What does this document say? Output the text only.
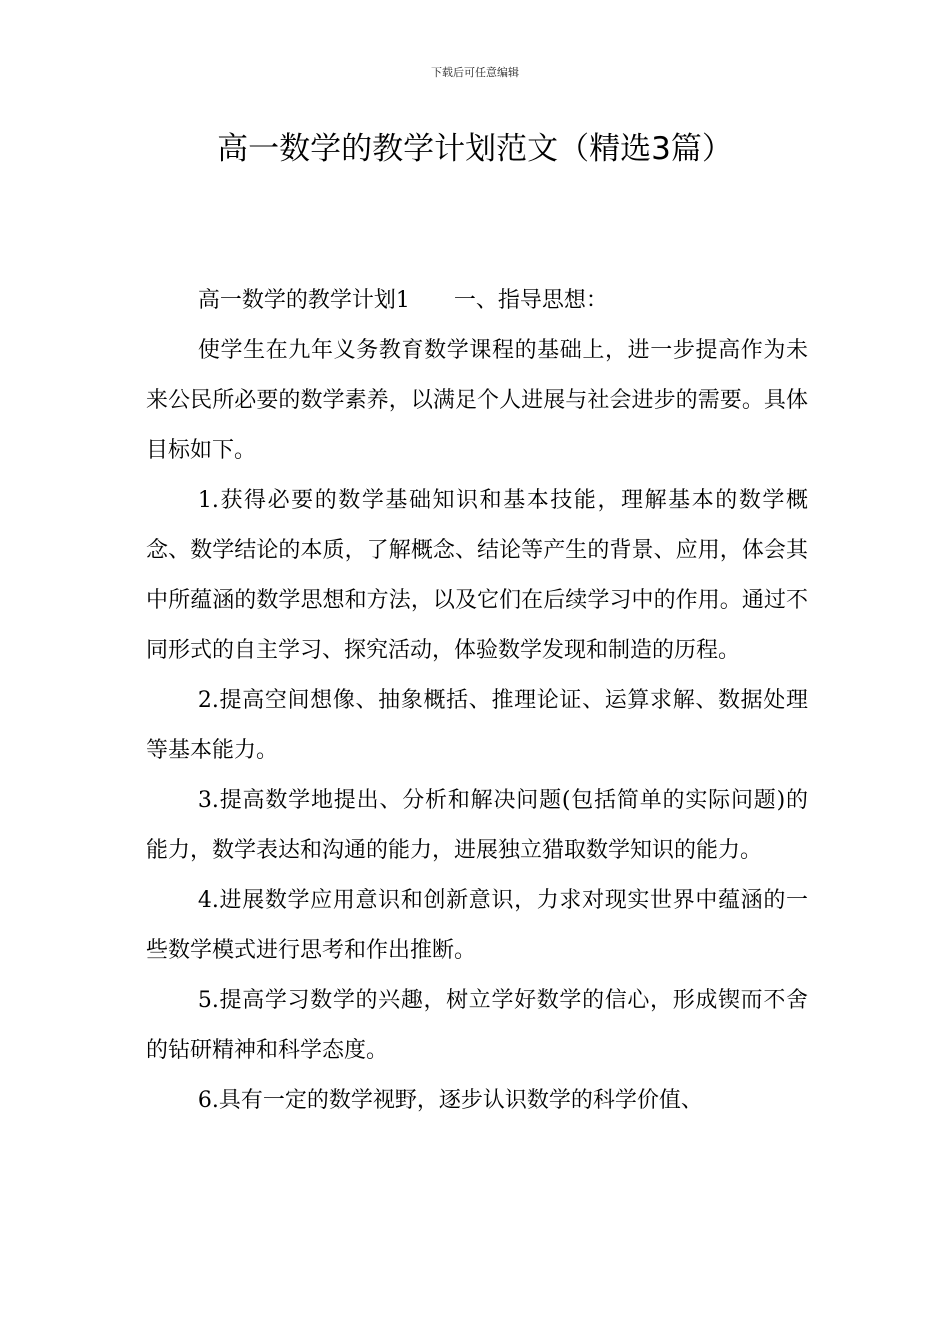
下载后可任意编辑
高一数学的教学计划范文（精选3篇）

高一数学的教学计划1 一、指导思想：

使学生在九年义务教育数学课程的基础上，进一步提高作为未来公民所必要的数学素养，以满足个人进展与社会进步的需要。具体目标如下。

1.获得必要的数学基础知识和基本技能，理解基本的数学概念、数学结论的本质，了解概念、结论等产生的背景、应用，体会其中所蕴涵的数学思想和方法，以及它们在后续学习中的作用。通过不同形式的自主学习、探究活动，体验数学发现和制造的历程。

2.提高空间想像、抽象概括、推理论证、运算求解、数据处理等基本能力。

3.提高数学地提出、分析和解决问题(包括简单的实际问题)的能力，数学表达和沟通的能力，进展独立猎取数学知识的能力。

4.进展数学应用意识和创新意识，力求对现实世界中蕴涵的一些数学模式进行思考和作出推断。

5.提高学习数学的兴趣，树立学好数学的信心，形成锲而不舍的钻研精神和科学态度。

6.具有一定的数学视野，逐步认识数学的科学价值、
